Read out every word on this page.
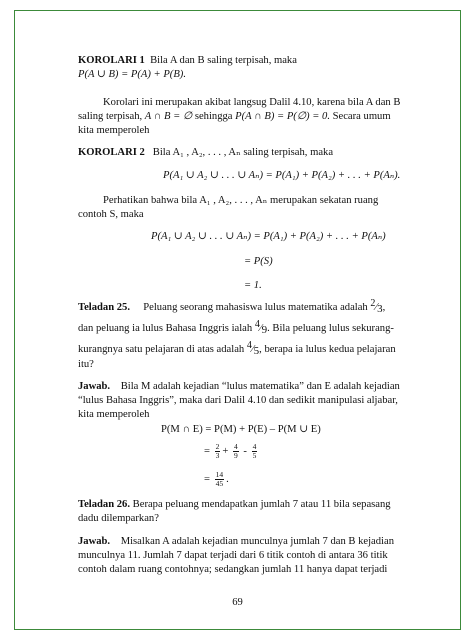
KOROLARI 1 Bila A dan B saling terpisah, maka
P(A ∪ B) = P(A) + P(B).
Korolari ini merupakan akibat langsug Dalil 4.10, karena bila A dan B
saling terpisah, A ∩ B = ∅ sehingga P(A ∩ B) = P(∅) = 0. Secara umum
kita memperoleh
KOROLARI 2 Bila A₁ , A₂, . . . , Aₙ saling terpisah, maka
P(A₁ ∪ A₂ ∪ . . . ∪ Aₙ) = P(A₁) + P(A₂) + . . . + P(Aₙ).
Perhatikan bahwa bila A₁ , A₂, . . . , Aₙ merupakan sekatan ruang
contoh S, maka
P(A₁ ∪ A₂ ∪ . . . ∪ Aₙ) = P(A₁) + P(A₂) + . . . + P(Aₙ)
= P(S)
= 1.
Teladan 25. Peluang seorang mahasiswa lulus matematika adalah 2⁄3,
dan peluang ia lulus Bahasa Inggris ialah 4⁄9. Bila peluang lulus sekurang-
kurangnya satu pelajaran di atas adalah 4⁄5, berapa ia lulus kedua pelajaran
itu?
Jawab. Bila M adalah kejadian “lulus matematika” dan E adalah kejadian
“lulus Bahasa Inggris”, maka dari Dalil 4.10 dan sedikit manipulasi aljabar,
kita memperoleh
P(M ∩ E) = P(M) + P(E) – P(M ∪ E)
= $\frac{2}{3} + \frac{4}{9} - \frac{4}{5}$
= $\frac{14}{45}$ .
Teladan 26. Berapa peluang mendapatkan jumlah 7 atau 11 bila sepasang
dadu dilemparkan?
Jawab. Misalkan A adalah kejadian munculnya jumlah 7 dan B kejadian
munculnya 11. Jumlah 7 dapat terjadi dari 6 titik contoh di antara 36 titik
contoh dalam ruang contohnya; sedangkan jumlah 11 hanya dapat terjadi
69
